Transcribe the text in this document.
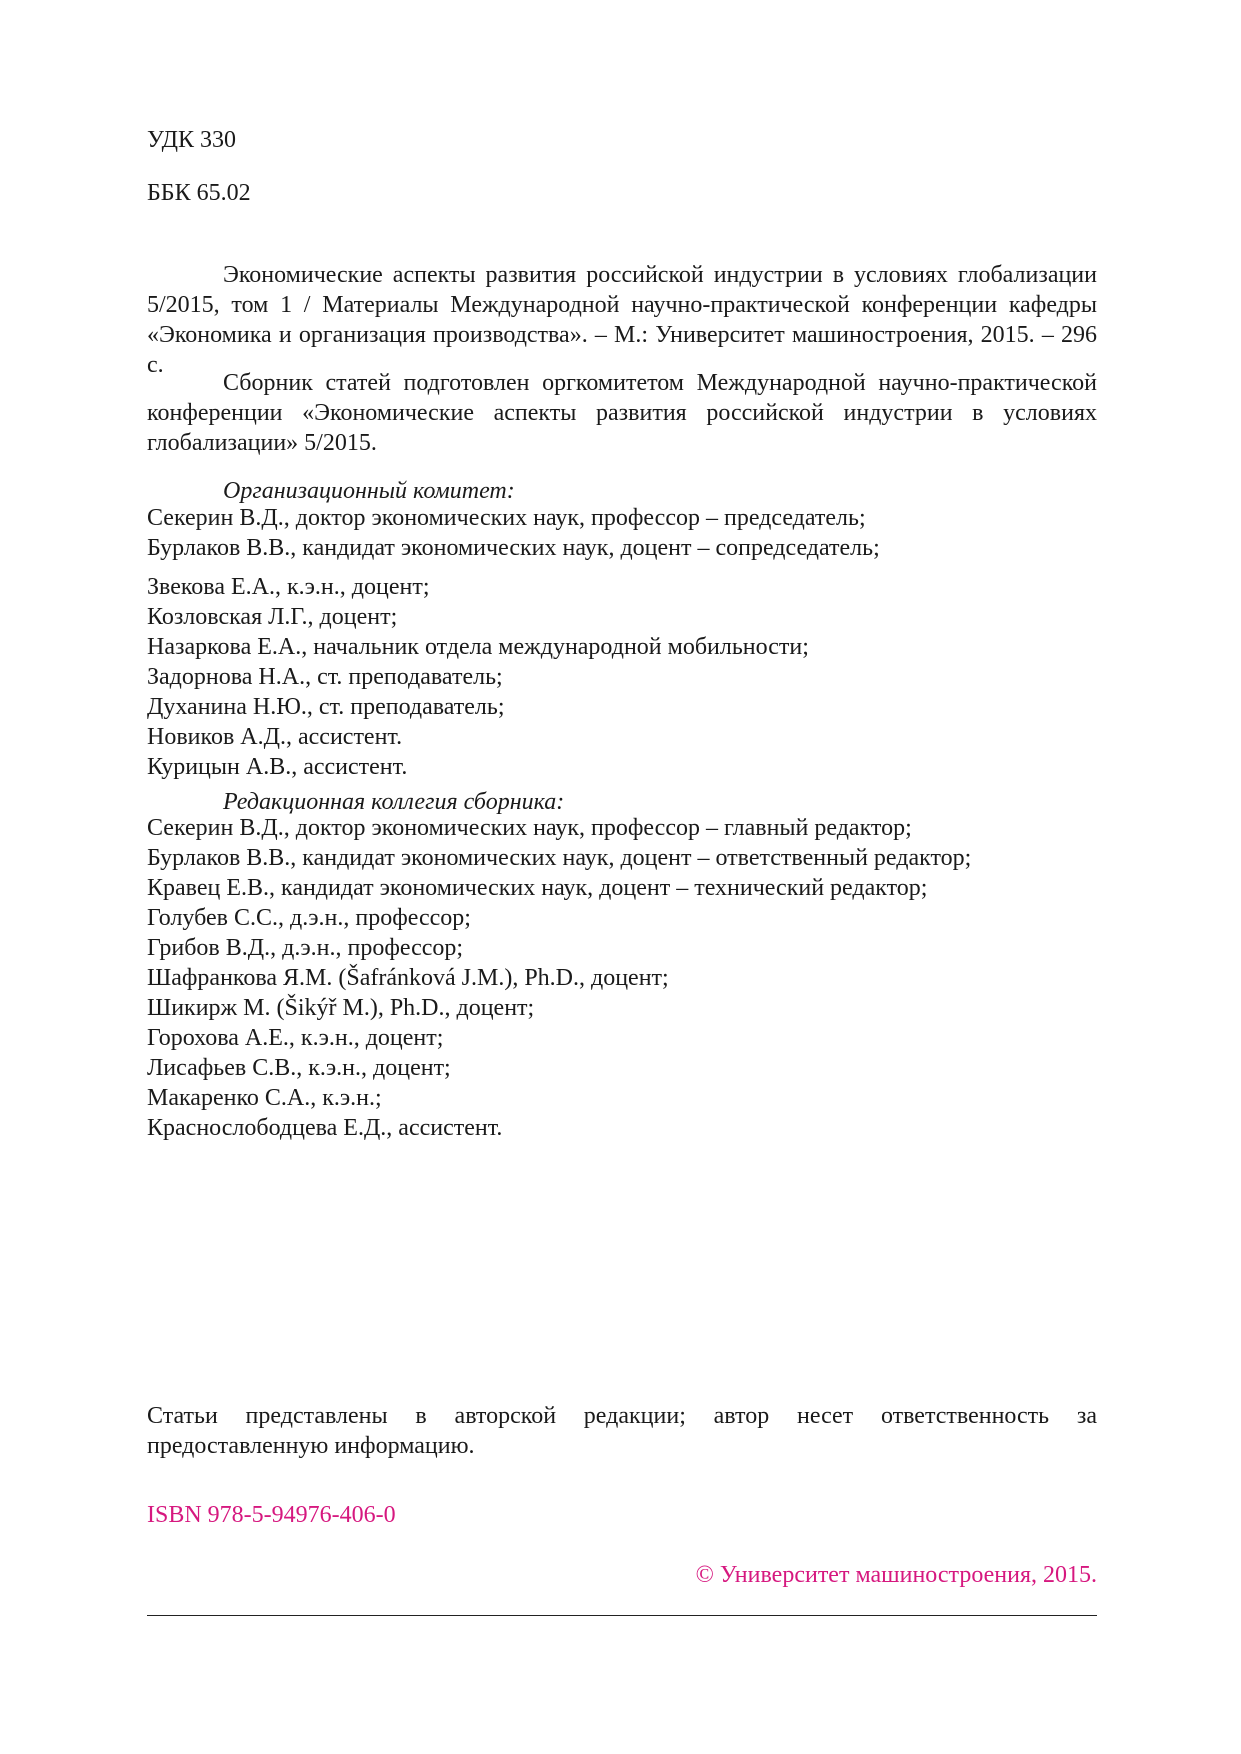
УДК 330
ББК 65.02
Экономические аспекты развития российской индустрии в условиях глобализации 5/2015, том 1 / Материалы Международной научно-практической конференции кафедры «Экономика и организация производства». – М.: Университет машиностроения, 2015. – 296 с.
Сборник статей подготовлен оргкомитетом Международной научно-практической конференции «Экономические аспекты развития российской индустрии в условиях глобализации» 5/2015.
Организационный комитет:
Секерин В.Д., доктор экономических наук, профессор – председатель;
Бурлаков В.В., кандидат экономических наук, доцент – сопредседатель;
Звекова Е.А., к.э.н., доцент;
Козловская Л.Г., доцент;
Назаркова Е.А., начальник отдела международной мобильности;
Задорнова Н.А., ст. преподаватель;
Духанина Н.Ю., ст. преподаватель;
Новиков А.Д., ассистент.
Курицын А.В., ассистент.
Редакционная коллегия сборника:
Секерин В.Д., доктор экономических наук, профессор – главный редактор;
Бурлаков В.В., кандидат экономических наук, доцент – ответственный редактор;
Кравец Е.В., кандидат экономических наук, доцент – технический редактор;
Голубев С.С., д.э.н., профессор;
Грибов В.Д., д.э.н., профессор;
Шафранкова Я.М. (Šafránková J.M.), Ph.D., доцент;
Шикирж М. (Šikýř M.), Ph.D., доцент;
Горохова А.Е., к.э.н., доцент;
Лисафьев С.В., к.э.н., доцент;
Макаренко С.А., к.э.н.;
Краснослободцева Е.Д., ассистент.
Статьи представлены в авторской редакции; автор несет ответственность за предоставленную информацию.
ISBN 978-5-94976-406-0
© Университет машиностроения, 2015.
